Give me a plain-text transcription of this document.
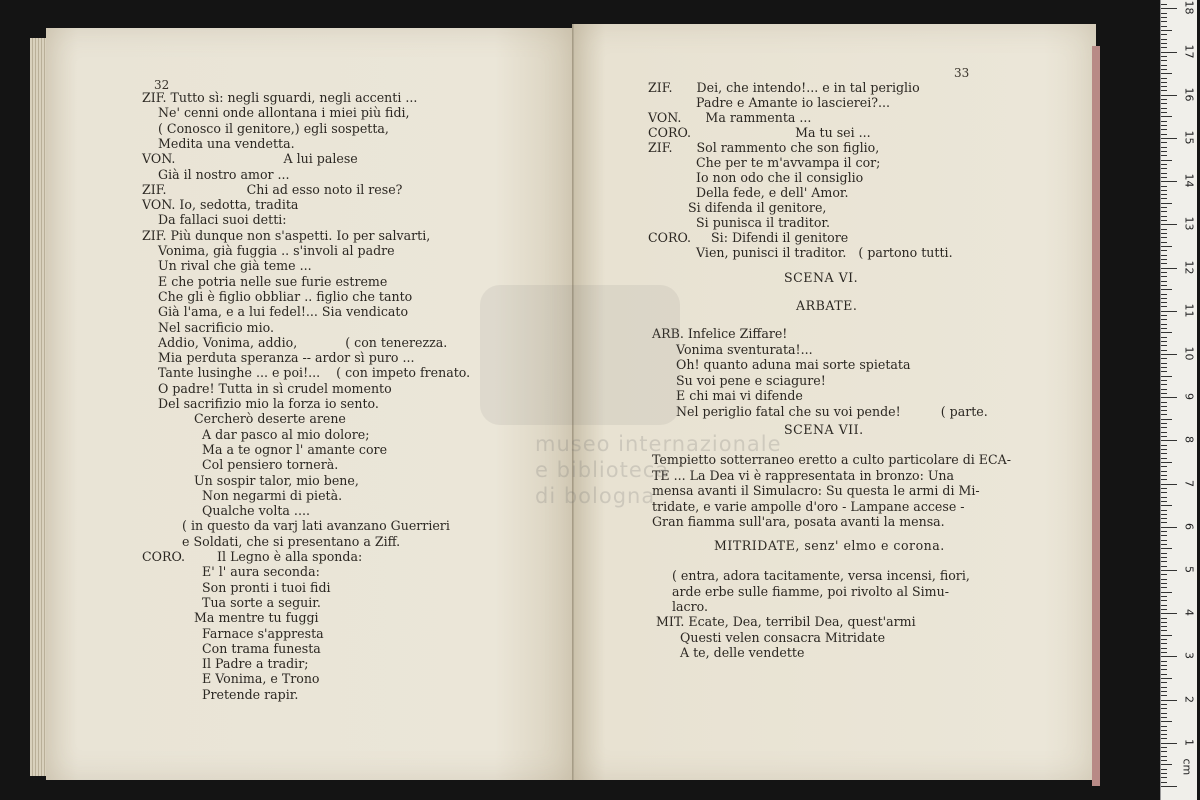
32
ZIF. Tutto sì: negli sguardi, negli accenti ...
Ne' cenni onde allontana i miei più fidi,
( Conosco il genitore,) egli sospetta,
Medita una vendetta.
VON.                           A lui palese
Già il nostro amor ...
ZIF.                    Chi ad esso noto il rese?
VON. Io, sedotta, tradita
Da fallaci suoi detti:
ZIF. Più dunque non s'aspetti. Io per salvarti,
Vonima, già fuggia .. s'involi al padre
Un rival che già teme ...
E che potria nelle sue furie estreme
Che gli è figlio obbliar .. figlio che tanto
Già l'ama, e a lui fedel!... Sia vendicato
Nel sacrificio mio.
Addio, Vonima, addio,            ( con tenerezza.
Mia perduta speranza -- ardor sì puro ...
Tante lusinghe ... e poi!...    ( con impeto frenato.
O padre! Tutta in sì crudel momento
Del sacrifizio mio la forza io sento.
Cercherò deserte arene
A dar pasco al mio dolore;
Ma a te ognor l' amante core
Col pensiero tornerà.
Un sospir talor, mio bene,
Non negarmi di pietà.
Qualche volta ....
( in questo da varj lati avanzano Guerrieri
e Soldati, che si presentano a Ziff.
CORO.        Il Legno è alla sponda:
E' l' aura seconda:
Son pronti i tuoi fidi
Tua sorte a seguir.
Ma mentre tu fuggi
Farnace s'appresta
Con trama funesta
Il Padre a tradir;
E Vonima, e Trono
Pretende rapir.
33
ZIF.      Dei, che intendo!... e in tal periglio
Padre e Amante io lascierei?...
VON.      Ma rammenta ...
CORO.                          Ma tu sei ...
ZIF.      Sol rammento che son figlio,
Che per te m'avvampa il cor;
Io non odo che il consiglio
Della fede, e dell' Amor.
Si difenda il genitore,
Si punisca il traditor.
CORO.     Si: Difendi il genitore
Vien, punisci il traditor.   ( partono tutti.
SCENA VI.
ARBATE.
ARB. Infelice Ziffare!
Vonima sventurata!...
Oh! quanto aduna mai sorte spietata
Su voi pene e sciagure!
E chi mai vi difende
Nel periglio fatal che su voi pende!          ( parte.
SCENA VII.
Tempietto sotterraneo eretto a culto particolare di ECA-
TE ... La Dea vi è rappresentata in bronzo: Una
mensa avanti il Simulacro: Su questa le armi di Mi-
tridate, e varie ampolle d'oro - Lampane accese -
Gran fiamma sull'ara, posata avanti la mensa.
MITRIDATE, senz' elmo e corona.
( entra, adora tacitamente, versa incensi, fiori,
arde erbe sulle fiamme, poi rivolto al Simu-
lacro.
MIT. Ecate, Dea, terribil Dea, quest'armi
Questi velen consacra Mitridate
A te, delle vendette
museo internazionale
e biblioteca
di bologna
cm
1
2
3
4
5
6
7
8
9
10
11
12
13
14
15
16
17
18
